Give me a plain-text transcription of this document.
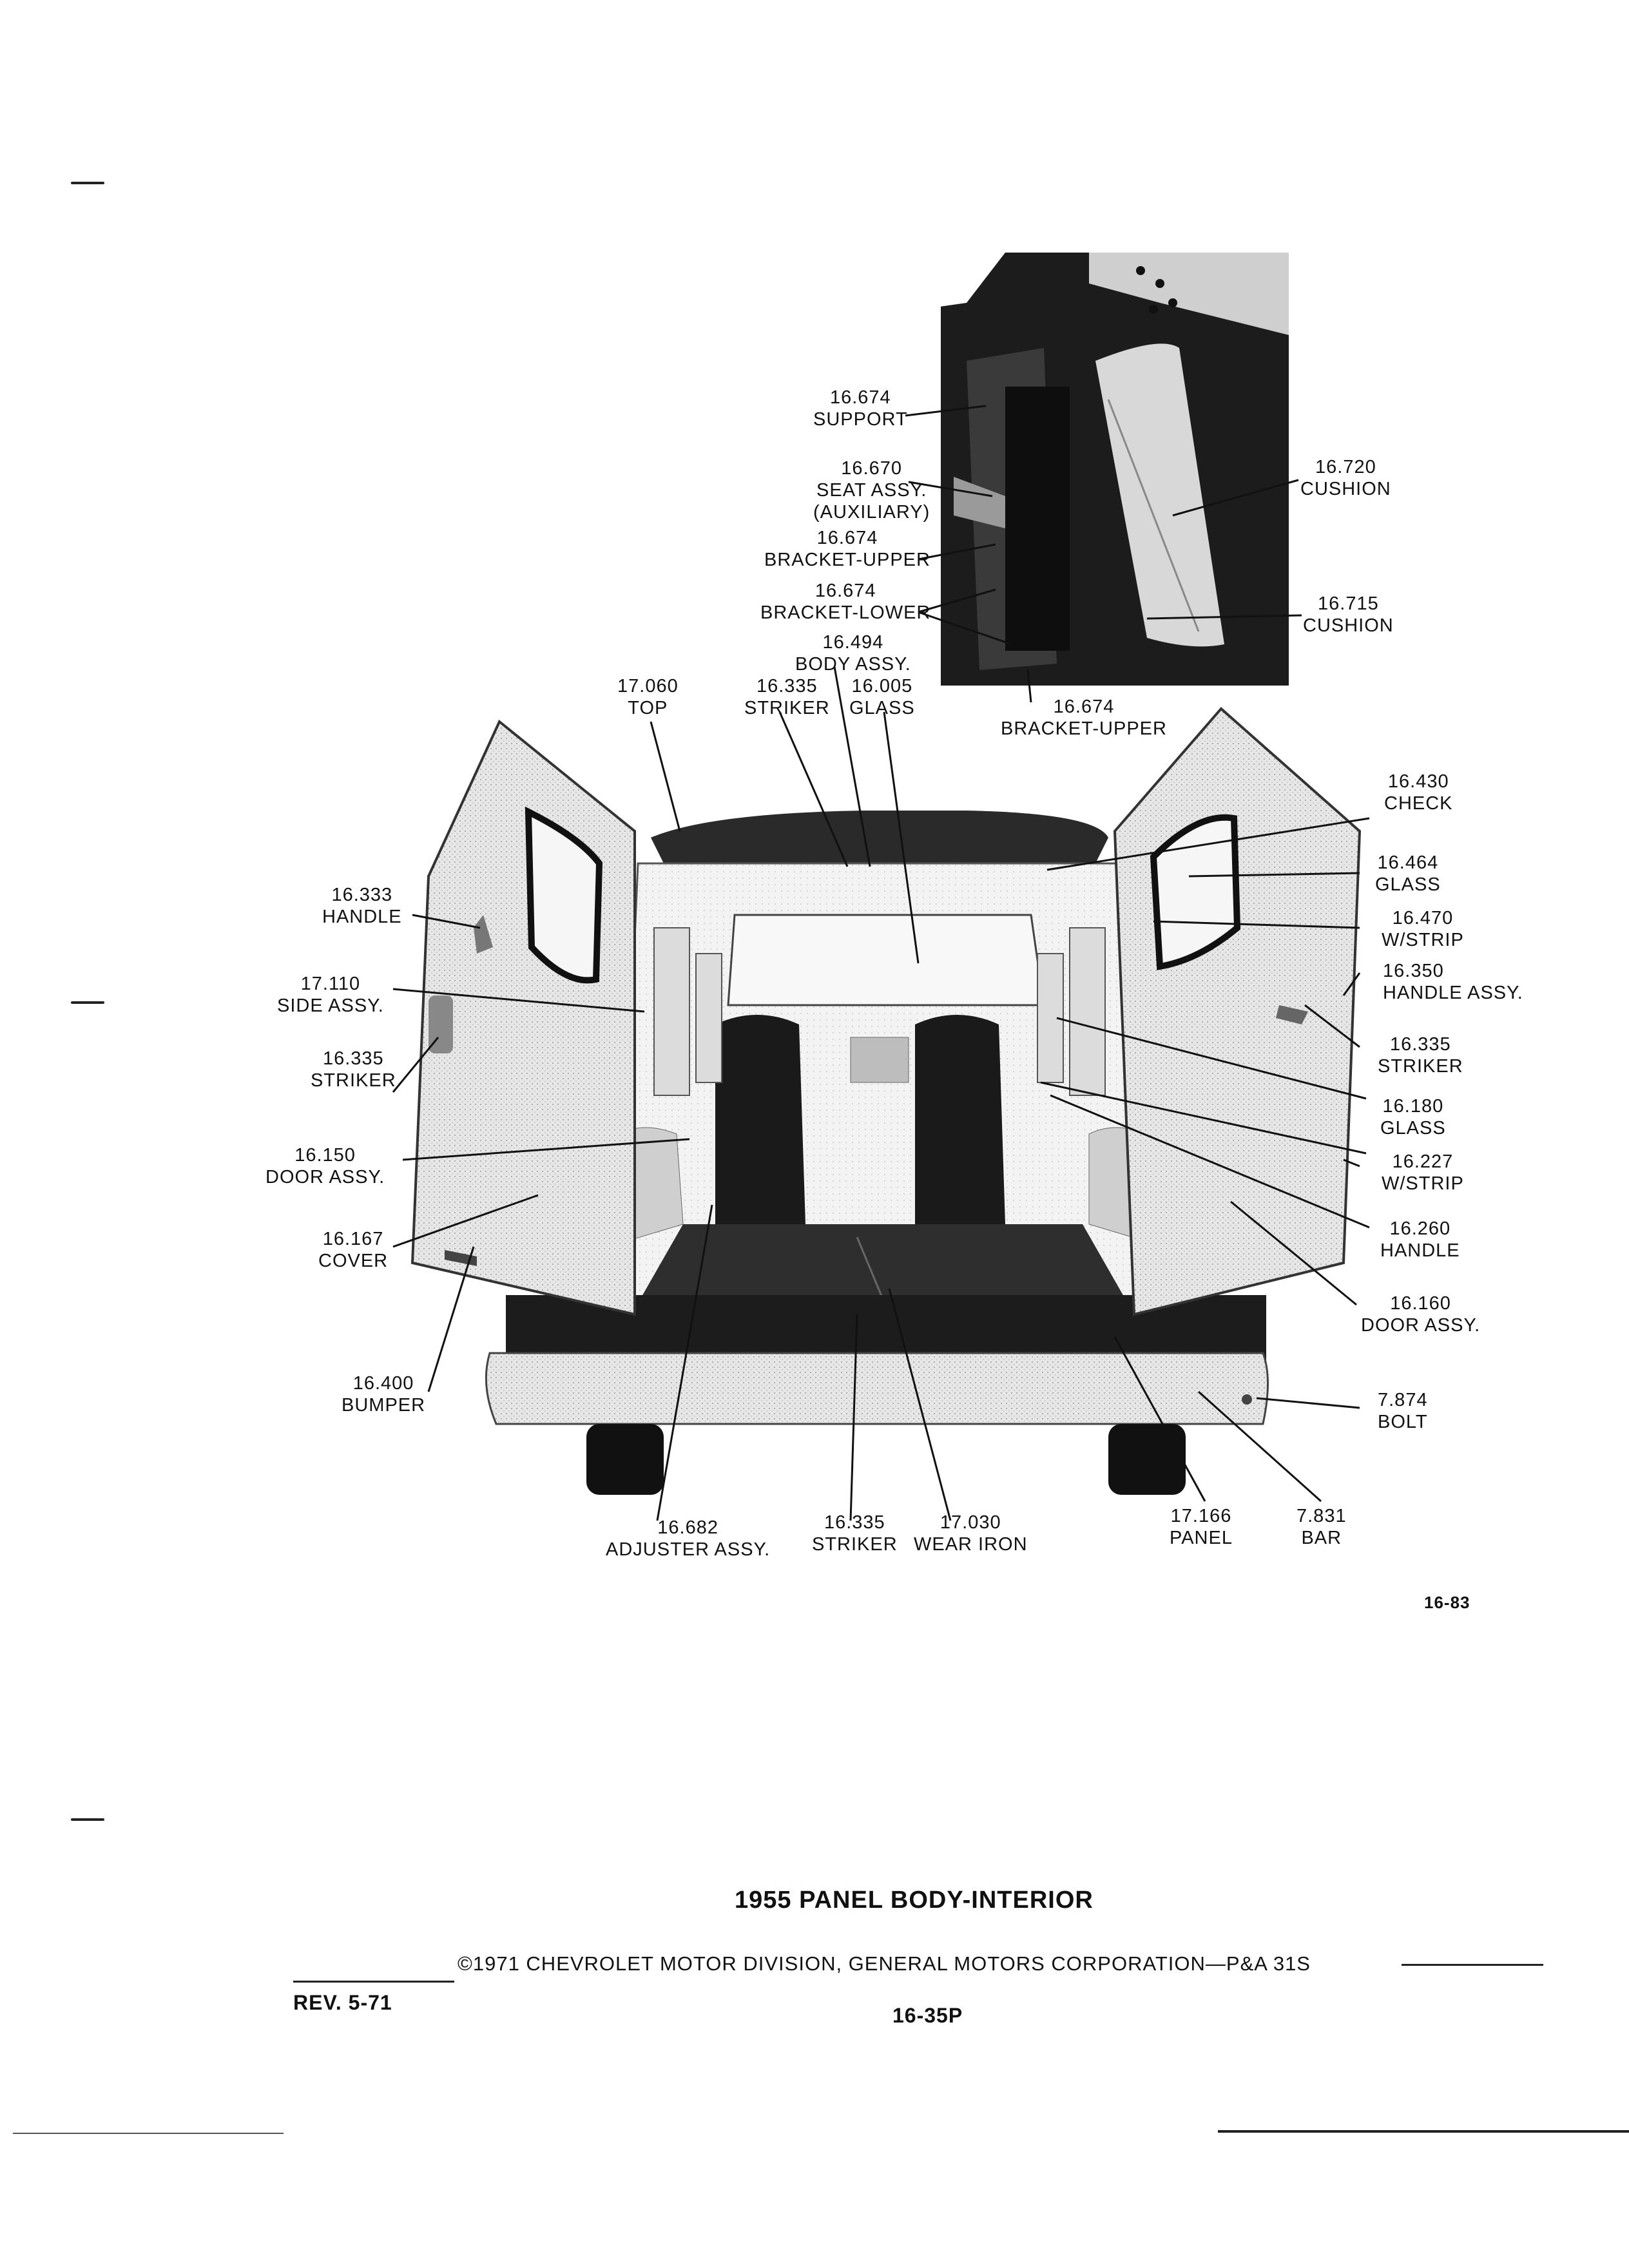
16.674
SUPPORT
16.670
SEAT ASSY.
(AUXILIARY)
16.674
BRACKET-UPPER
16.674
BRACKET-LOWER
16.494
BODY ASSY.
16.720
CUSHION
16.715
CUSHION
17.060
TOP
16.335
STRIKER
16.005
GLASS	16.674
BRACKET-UPPER
16.430
CHECK
16.464
GLASS
16.470
W/STRIP
16.350
HANDLE ASSY.
16.335
STRIKER
16.180
GLASS
16.227
W/STRIP
16.260
HANDLE
16.160
DOOR ASSY.
7.874
BOLT
16.333
HANDLE
17.110
SIDE ASSY.
16.335
STRIKER
16.150
DOOR ASSY.
16.167
COVER
16.400
BUMPER
16.682
ADJUSTER ASSY.
16.335
STRIKER
17.030
WEAR IRON
17.166
PANEL
7.831
BAR
16-83
1955 PANEL BODY-INTERIOR
©1971 CHEVROLET MOTOR DIVISION, GENERAL MOTORS CORPORATION—P&A 31S
REV. 5-71
16-35P
